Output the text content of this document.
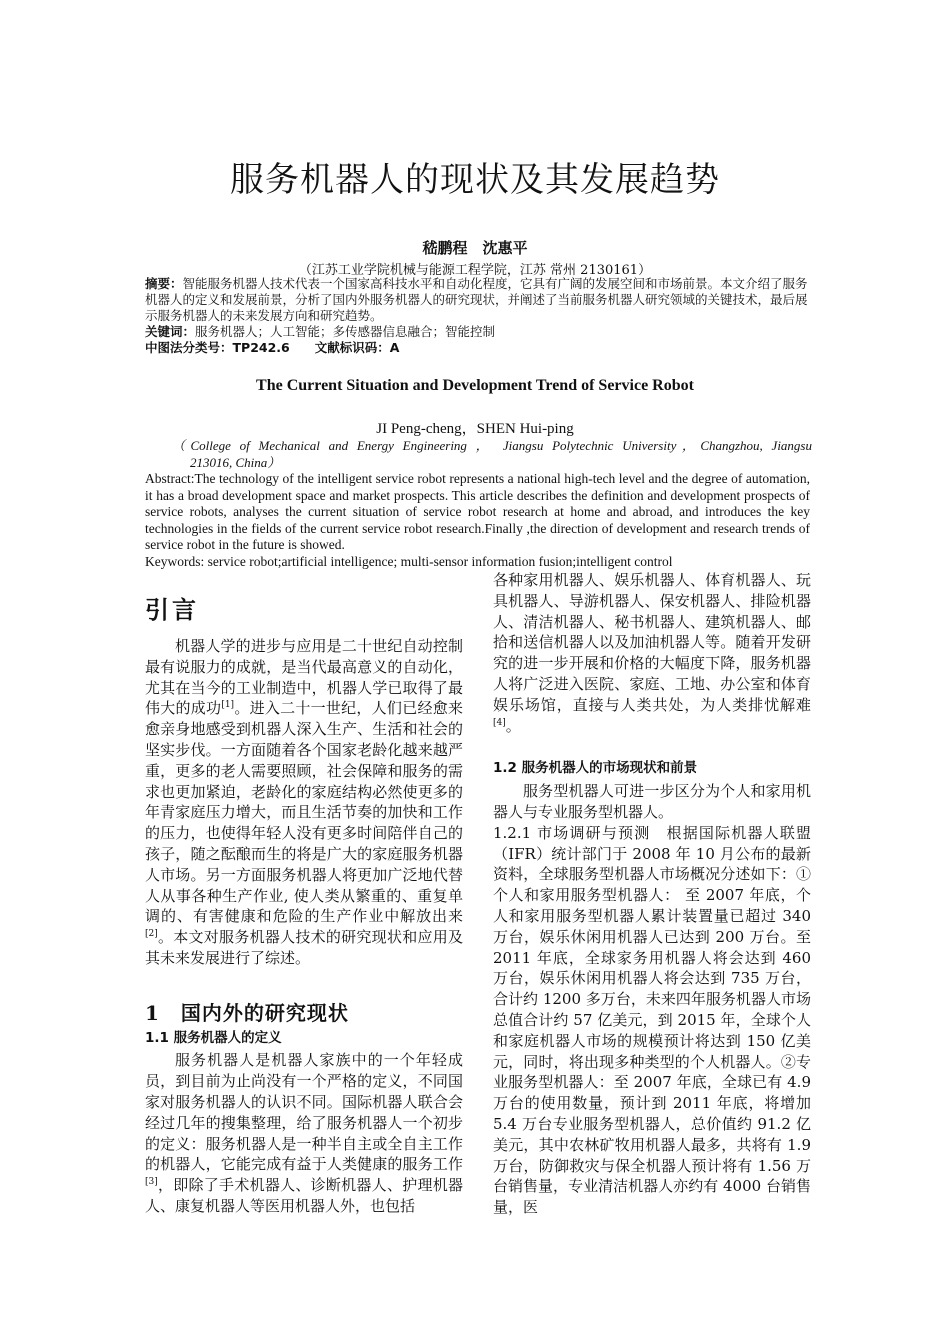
服务机器人的现状及其发展趋势
嵇鹏程　沈惠平
（江苏工业学院机械与能源工程学院，江苏 常州 2130161）

摘要：智能服务机器人技术代表一个国家高科技水平和自动化程度，它具有广阔的发展空间和市场前景。本文介绍了服务机器人的定义和发展前景，分析了国内外服务机器人的研究现状，并阐述了当前服务机器人研究领域的关键技术，最后展示服务机器人的未来发展方向和研究趋势。

关键词：服务机器人；人工智能；多传感器信息融合；智能控制

中图法分类号：TP242.6　　文献标识码：A

The Current Situation and Development Trend of Service Robot
JI Peng-cheng，SHEN Hui-ping
（College of Mechanical and Energy Engineering ， Jiangsu Polytechnic University，Changzhou, Jiangsu
213016, China）

Abstract:The technology of the intelligent service robot represents a national high-tech level and the degree of automation, it has a broad development space and market prospects. This article describes the definition and development prospects of service robots, analyses the current situation of service robot research at home and abroad, and introduces the key technologies in the fields of the current service robot research.Finally ,the direction of development and research trends of service robot in the future is showed.

Keywords: service robot;artificial intelligence; multi-sensor information fusion;intelligent control

引言

机器人学的进步与应用是二十世纪自动控制最有说服力的成就，是当代最高意义的自动化，尤其在当今的工业制造中，机器人学已取得了最伟大的成功[1]。进入二十一世纪，人们已经愈来愈亲身地感受到机器人深入生产、生活和社会的坚实步伐。一方面随着各个国家老龄化越来越严重，更多的老人需要照顾，社会保障和服务的需求也更加紧迫，老龄化的家庭结构必然使更多的年青家庭压力增大，而且生活节奏的加快和工作的压力，也使得年轻人没有更多时间陪伴自己的孩子，随之酝酿而生的将是广大的家庭服务机器人市场。另一方面服务机器人将更加广泛地代替人从事各种生产作业, 使人类从繁重的、重复单调的、有害健康和危险的生产作业中解放出来[2]。本文对服务机器人技术的研究现状和应用及其未来发展进行了综述。

1　国内外的研究现状
1.1 服务机器人的定义

服务机器人是机器人家族中的一个年轻成员，到目前为止尚没有一个严格的定义，不同国家对服务机器人的认识不同。国际机器人联合会经过几年的搜集整理，给了服务机器人一个初步的定义：服务机器人是一种半自主或全自主工作的机器人，它能完成有益于人类健康的服务工作[3]，即除了手术机器人、诊断机器人、护理机器人、康复机器人等医用机器人外，也包括

各种家用机器人、娱乐机器人、体育机器人、玩具机器人、导游机器人、保安机器人、排险机器人、清洁机器人、秘书机器人、建筑机器人、邮拾和送信机器人以及加油机器人等。随着开发研究的进一步开展和价格的大幅度下降，服务机器人将广泛进入医院、家庭、工地、办公室和体育娱乐场馆，直接与人类共处，为人类排忧解难[4]。

1.2 服务机器人的市场现状和前景

服务型机器人可进一步区分为个人和家用机器人与专业服务型机器人。

1.2.1 市场调研与预测　根据国际机器人联盟（IFR）统计部门于 2008 年 10 月公布的最新资料，全球服务型机器人市场概况分述如下：①个人和家用服务型机器人： 至 2007 年底，个人和家用服务型机器人累计装置量已超过 340 万台，娱乐休闲用机器人已达到 200 万台。至 2011 年底，全球家务用机器人将会达到 460 万台，娱乐休闲用机器人将会达到 735 万台，合计约 1200 多万台，未来四年服务机器人市场总值合计约 57 亿美元，到 2015 年，全球个人和家庭机器人市场的规模预计将达到 150 亿美元，同时，将出现多种类型的个人机器人。②专业服务型机器人：至 2007 年底，全球已有 4.9 万台的使用数量，预计到 2011 年底，将增加 5.4 万台专业服务型机器人，总价值约 91.2 亿美元，其中农林矿牧用机器人最多，共将有 1.9 万台，防御救灾与保全机器人预计将有 1.56 万台销售量，专业清洁机器人亦约有 4000 台销售量，医
